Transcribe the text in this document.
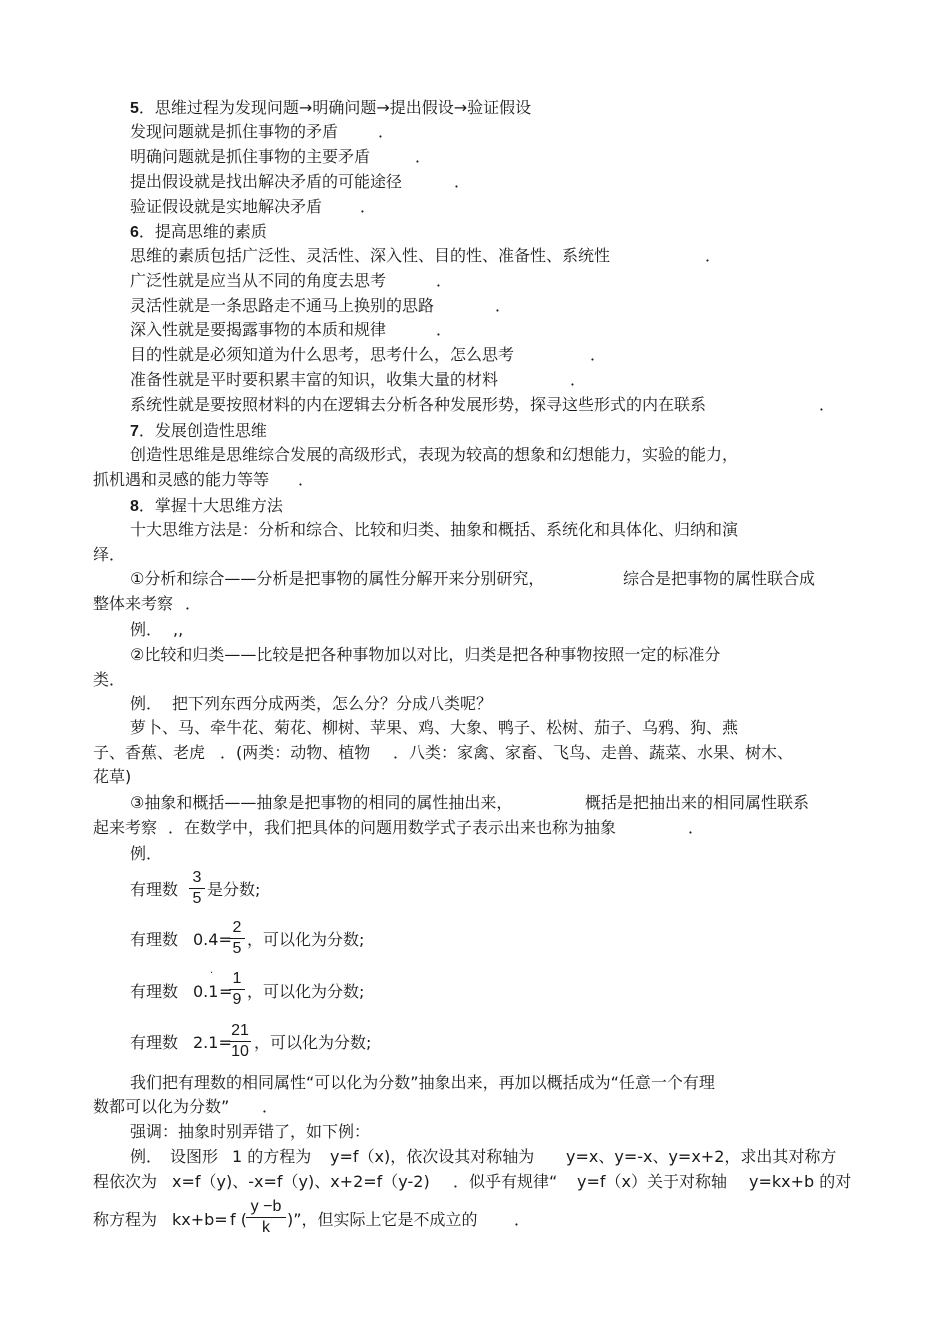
5．思维过程为发现问题→明确问题→提出假设→验证假设
发现问题就是抓住事物的矛盾 ．
明确问题就是抓住事物的主要矛盾	．
提出假设就是找出解决矛盾的可能途径	．
验证假设就是实地解决矛盾 ．
6．提高思维的素质
思维的素质包括广泛性、灵活性、深入性、目的性、准备性、系统性	．
广泛性就是应当从不同的角度去思考	．
灵活性就是一条思路走不通马上换别的思路	．
深入性就是要揭露事物的本质和规律	．
目的性就是必须知道为什么思考，思考什么，怎么思考	．
准备性就是平时要积累丰富的知识，收集大量的材料	．
系统性就是要按照材料的内在逻辑去分析各种发展形势，探寻这些形式的内在联系	．
7．发展创造性思维
创造性思维是思维综合发展的高级形式，表现为较高的想象和幻想能力，实验的能力，
抓机遇和灵感的能力等等 ．
8．掌握十大思维方法
十大思维方法是：分析和综合、比较和归类、抽象和概括、系统化和具体化、归纳和演
绎．
①分析和综合——分析是把事物的属性分解开来分别研究，	综合是把事物的属性联合成
整体来考察 ．
例． ,,
②比较和归类——比较是把各种事物加以对比，归类是把各种事物按照一定的标准分
类．
例． 把下列东西分成两类，怎么分？分成八类呢？
萝卜、马、牵牛花、菊花、柳树、苹果、鸡、大象、鸭子、松树、茄子、乌鸦、狗、燕
子、香蕉、老虎 ．(两类：动物、植物 ．八类：家禽、家畜、飞鸟、走兽、蔬菜、水果、树木、
花草)
③抽象和概括——抽象是把事物的相同的属性抽出来，	概括是把抽出来的相同属性联系
起来考察 ．在数学中，我们把具体的问题用数学式子表示出来也称为抽象	．
例．
有理数
3
5 是分数;
有理数 0.4=
2
5 ，可以化为分数;
有理数 0.1
·
=
1
9 ，可以化为分数;
有理数 2.1=
21
10 ，可以化为分数;
我们把有理数的相同属性“可以化为分数”抽象出来，再加以概括成为“任意一个有理
数都可以化为分数” ．
强调：抽象时别弄错了，如下例：
例． 设图形 1 的方程为 y=f（x)，依次设其对称轴为 y=x、y=-x、y=x+2，求出其对称方
程依次为 x=f（y)、-x=f（y)、x+2=f（y-2) ．似乎有规律“ y=f（x）关于对称轴 y=kx+b 的对
称方程为 kx+b= f (
y −b
k	)”，但实际上它是不成立的 ．
